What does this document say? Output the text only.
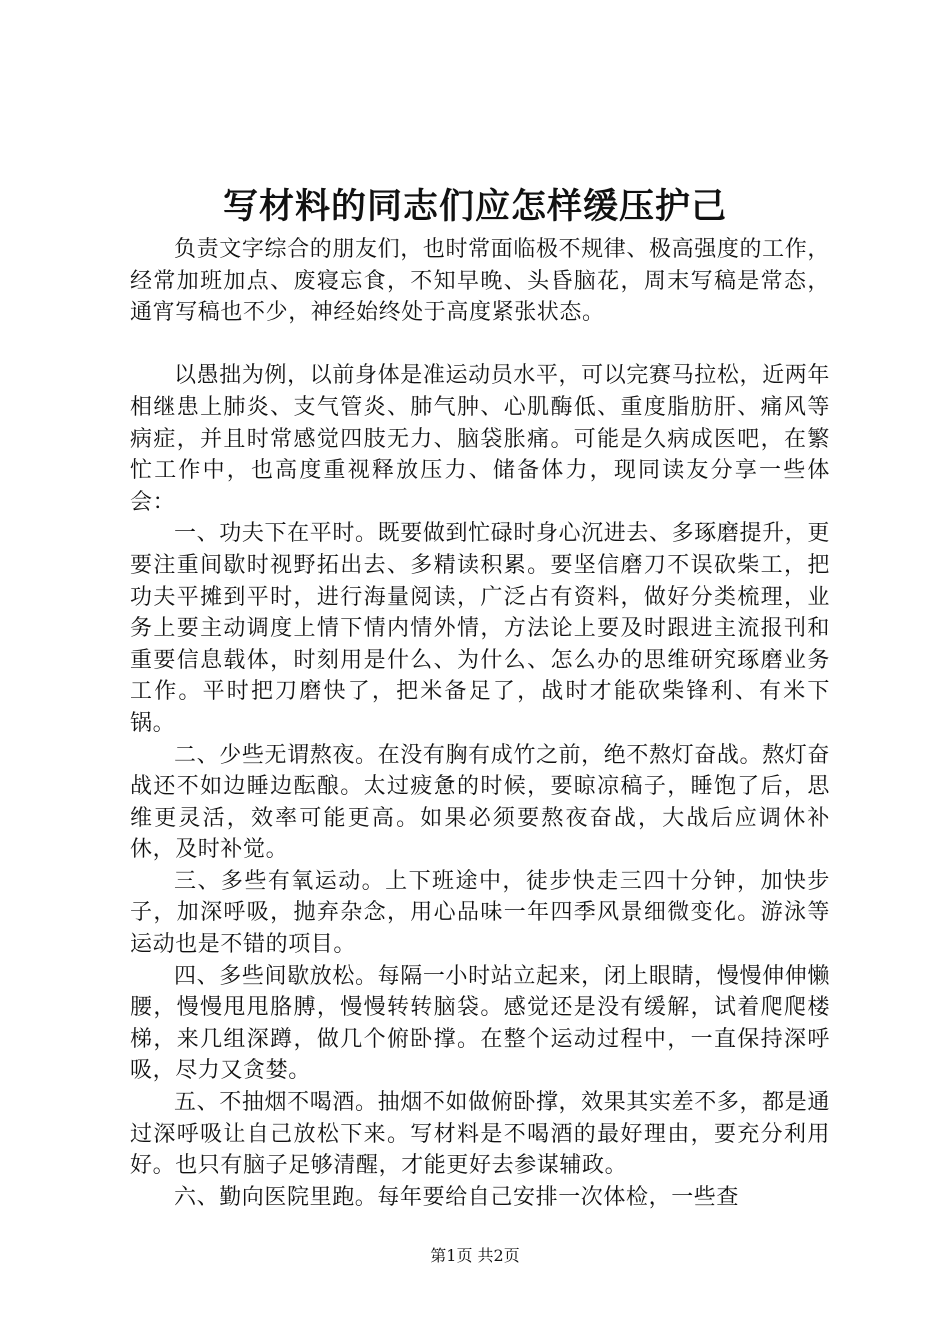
写材料的同志们应怎样缓压护己

负责文字综合的朋友们，也时常面临极不规律、极高强度的工作，经常加班加点、废寝忘食，不知早晚、头昏脑花，周末写稿是常态，通宵写稿也不少，神经始终处于高度紧张状态。

以愚拙为例，以前身体是准运动员水平，可以完赛马拉松，近两年相继患上肺炎、支气管炎、肺气肿、心肌酶低、重度脂肪肝、痛风等病症，并且时常感觉四肢无力、脑袋胀痛。可能是久病成医吧，在繁忙工作中，也高度重视释放压力、储备体力，现同读友分享一些体会：

一、功夫下在平时。既要做到忙碌时身心沉进去、多琢磨提升，更要注重间歇时视野拓出去、多精读积累。要坚信磨刀不误砍柴工，把功夫平摊到平时，进行海量阅读，广泛占有资料，做好分类梳理，业务上要主动调度上情下情内情外情，方法论上要及时跟进主流报刊和重要信息载体，时刻用是什么、为什么、怎么办的思维研究琢磨业务工作。平时把刀磨快了，把米备足了，战时才能砍柴锋利、有米下锅。

二、少些无谓熬夜。在没有胸有成竹之前，绝不熬灯奋战。熬灯奋战还不如边睡边酝酿。太过疲惫的时候，要晾凉稿子，睡饱了后，思维更灵活，效率可能更高。如果必须要熬夜奋战，大战后应调休补休，及时补觉。

三、多些有氧运动。上下班途中，徒步快走三四十分钟，加快步子，加深呼吸，抛弃杂念，用心品味一年四季风景细微变化。游泳等运动也是不错的项目。

四、多些间歇放松。每隔一小时站立起来，闭上眼睛，慢慢伸伸懒腰，慢慢甩甩胳膊，慢慢转转脑袋。感觉还是没有缓解，试着爬爬楼梯，来几组深蹲，做几个俯卧撑。在整个运动过程中，一直保持深呼吸，尽力又贪婪。

五、不抽烟不喝酒。抽烟不如做俯卧撑，效果其实差不多，都是通过深呼吸让自己放松下来。写材料是不喝酒的最好理由，要充分利用好。也只有脑子足够清醒，才能更好去参谋辅政。

六、勤向医院里跑。每年要给自己安排一次体检，一些查

第1页 共2页
